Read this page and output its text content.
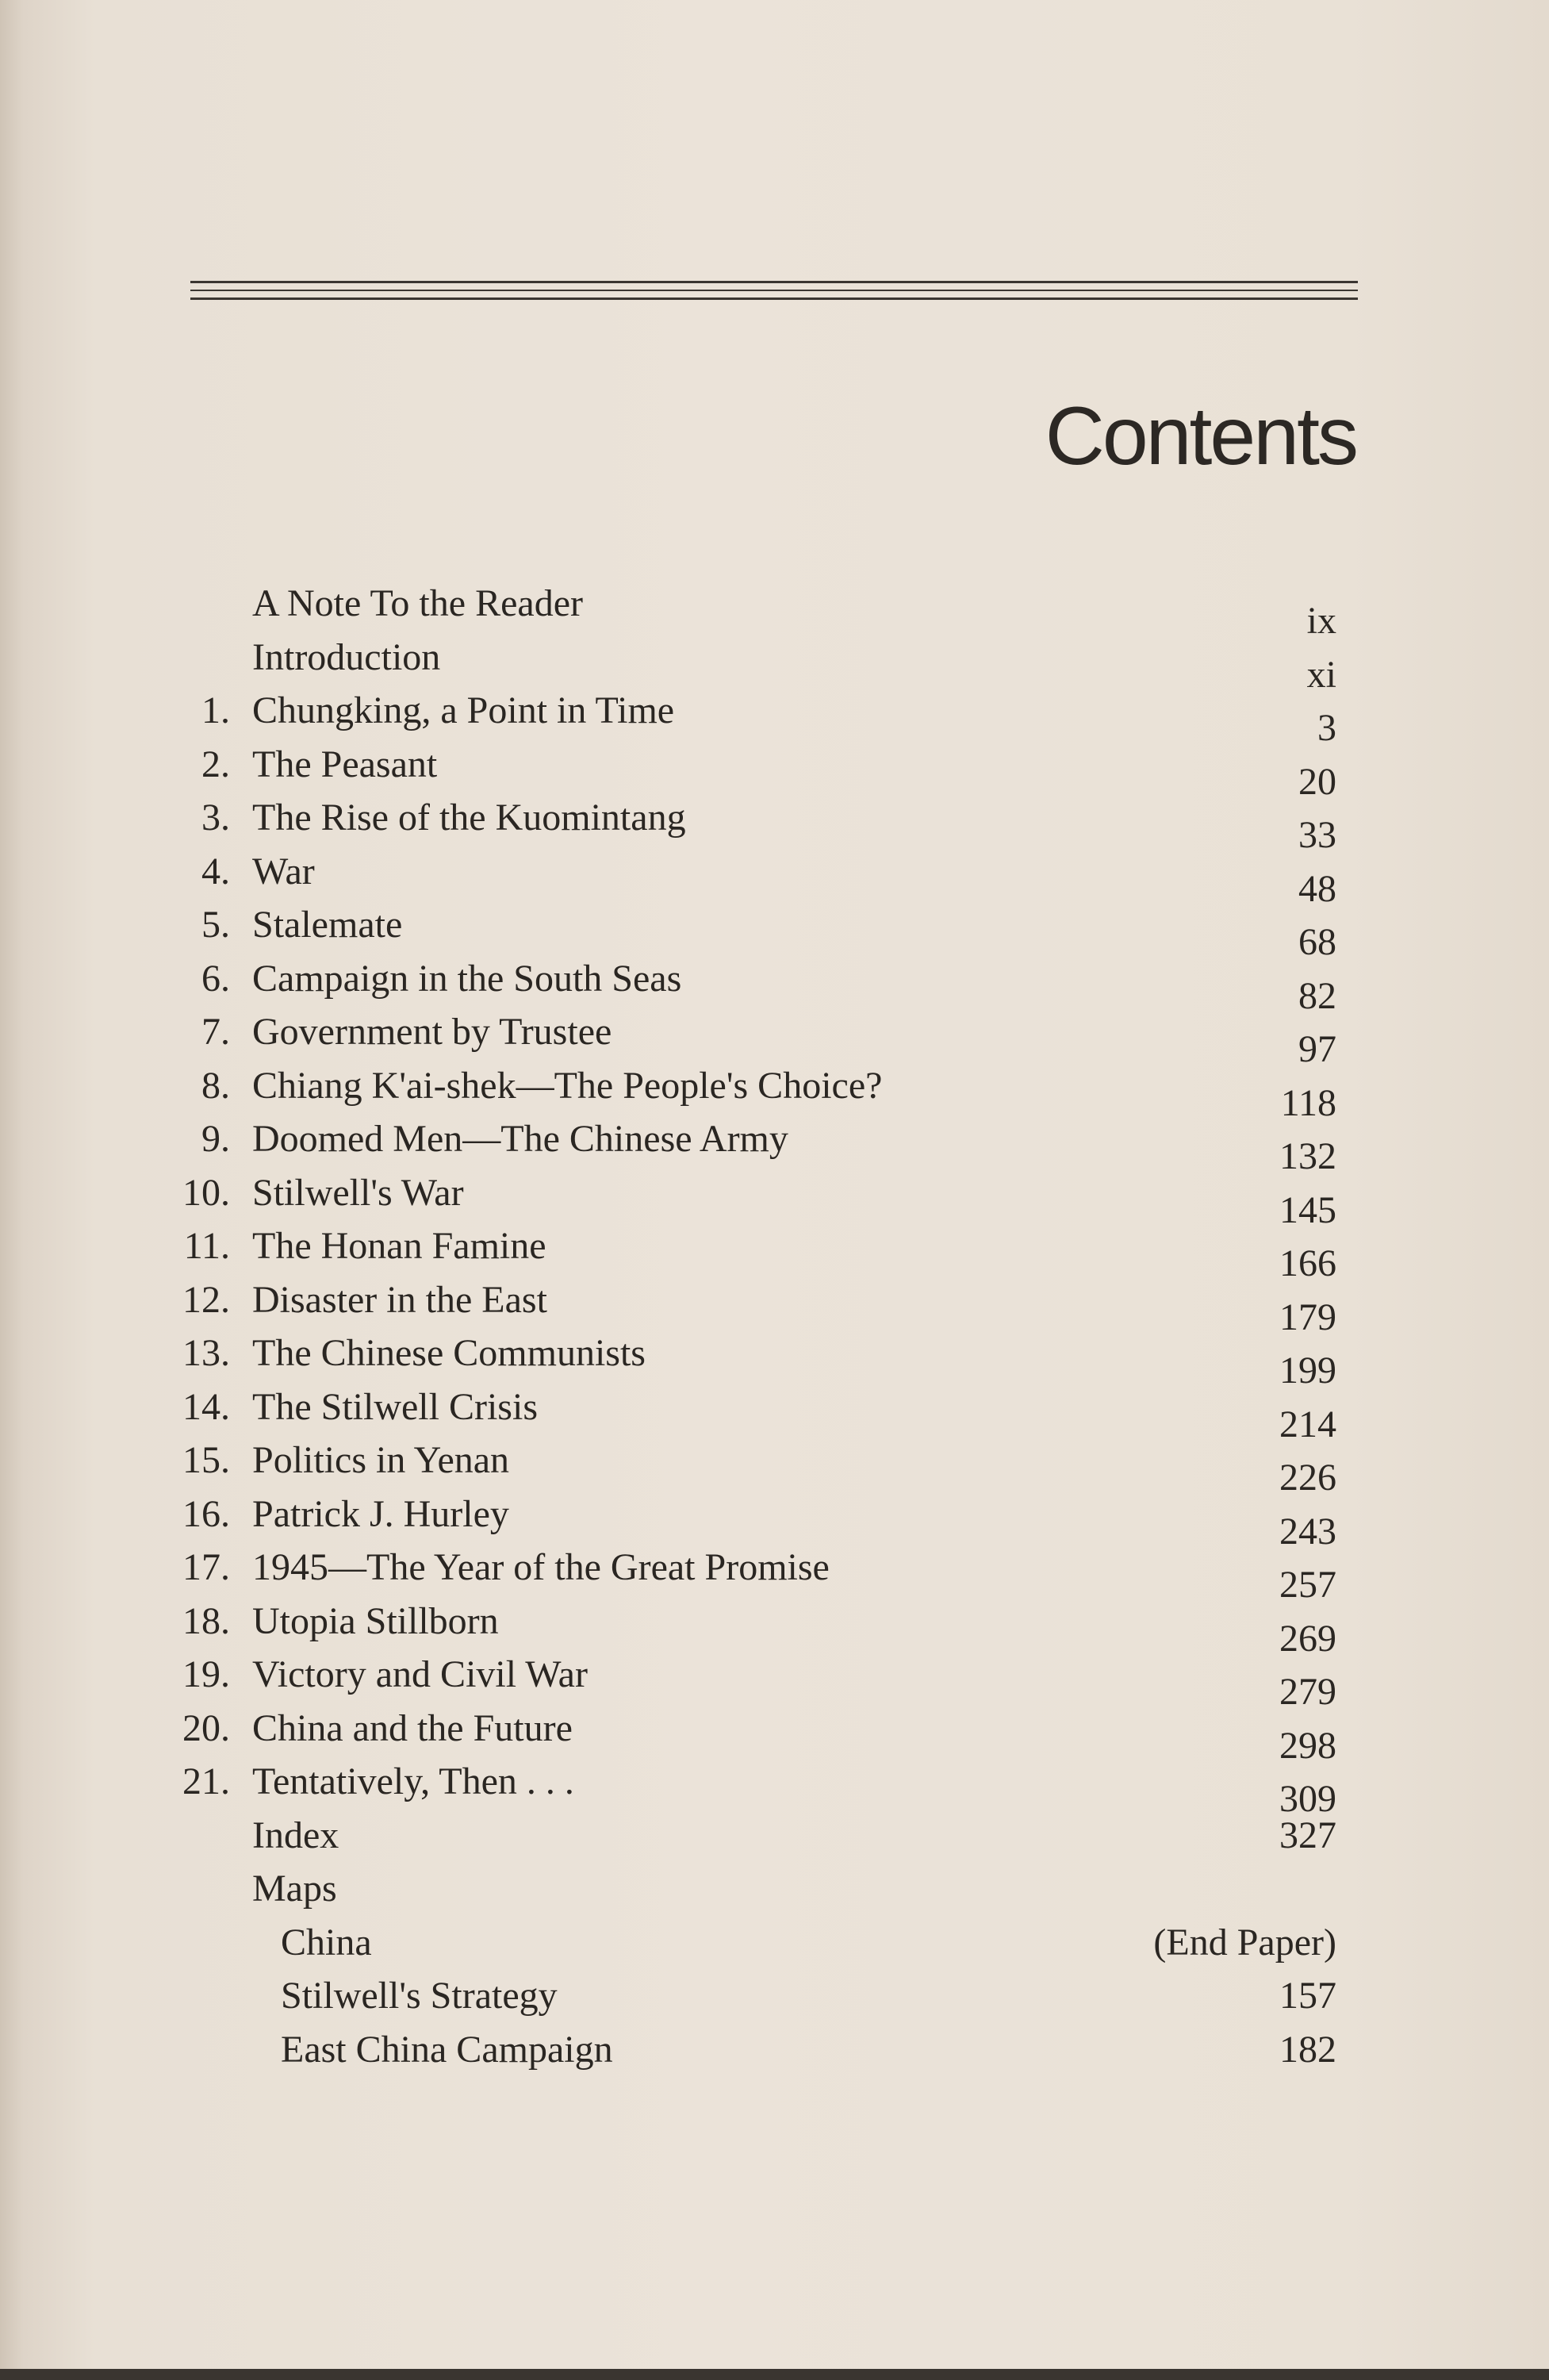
Contents
A Note To the Reader	ix
Introduction	xi
1. Chungking, a Point in Time	3
2. The Peasant	20
3. The Rise of the Kuomintang	33
4. War	48
5. Stalemate	68
6. Campaign in the South Seas	82
7. Government by Trustee	97
8. Chiang K'ai-shek—The People's Choice?	118
9. Doomed Men—The Chinese Army	132
10. Stilwell's War	145
11. The Honan Famine	166
12. Disaster in the East	179
13. The Chinese Communists	199
14. The Stilwell Crisis	214
15. Politics in Yenan	226
16. Patrick J. Hurley	243
17. 1945—The Year of the Great Promise	257
18. Utopia Stillborn	269
19. Victory and Civil War	279
20. China and the Future	298
21. Tentatively, Then . . .	309
Index	327
Maps
China	(End Paper)
Stilwell's Strategy	157
East China Campaign	182
